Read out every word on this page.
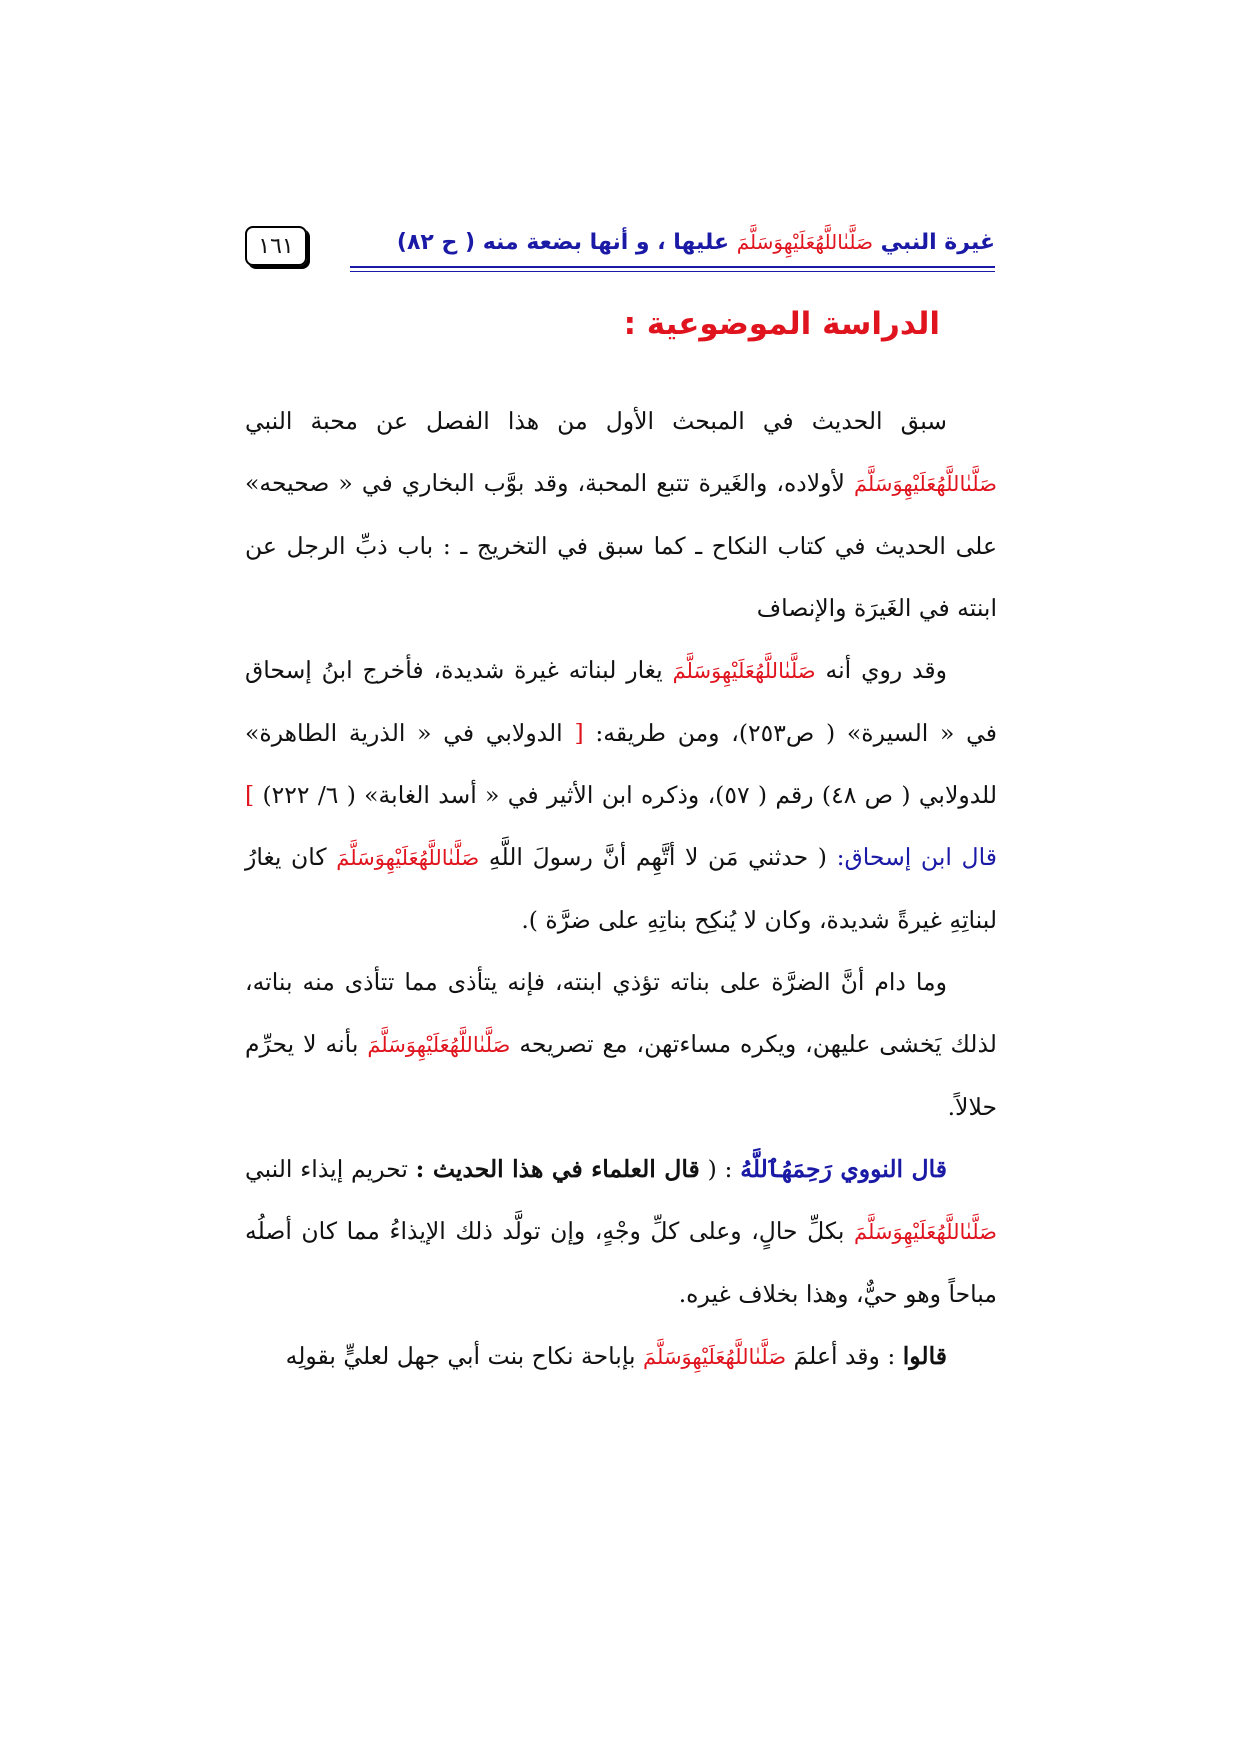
غيرة النبي صَلَّىٰاللَّهُعَلَيْهِوَسَلَّمَ عليها ، و أنها بضعة منه ( ح ٨٢)
١٦١
الدراسة الموضوعية :

سبق الحديث في المبحث الأول من هذا الفصل عن محبة النبي صَلَّىٰاللَّهُعَلَيْهِوَسَلَّمَ لأولاده، والغَيرة تتبع المحبة، وقد بوَّب البخاري في « صحيحه» على الحديث في كتاب النكاح ـ كما سبق في التخريج ـ : باب ذبِّ الرجل عن ابنته في الغَيرَة والإنصاف

وقد روي أنه صَلَّىٰاللَّهُعَلَيْهِوَسَلَّمَ يغار لبناته غيرة شديدة، فأخرج ابنُ إسحاق في « السيرة» ( ص٢٥٣)، ومن طريقه: [ الدولابي في « الذرية الطاهرة» للدولابي ( ص ٤٨) رقم ( ٥٧)، وذكره ابن الأثير في « أسد الغابة» ( ٦/ ٢٢٢) ] قال ابن إسحاق: ( حدثني مَن لا أتَّهِم أنَّ رسولَ اللَّهِ صَلَّىٰاللَّهُعَلَيْهِوَسَلَّمَ كان يغارُ لبناتِهِ غيرةً شديدة، وكان لا يُنكِح بناتِهِ على ضرَّة ).

وما دام أنَّ الضرَّة على بناته تؤذي ابنته، فإنه يتأذى مما تتأذى منه بناته، لذلك يَخشى عليهن، ويكره مساءتهن، مع تصريحه صَلَّىٰاللَّهُعَلَيْهِوَسَلَّمَ بأنه لا يحرِّم حلالاً.

قال النووي رَحِمَهُٱللَّهُ : ( قال العلماء في هذا الحديث : تحريم إيذاء النبي صَلَّىٰاللَّهُعَلَيْهِوَسَلَّمَ بكلِّ حالٍ، وعلى كلِّ وجْهٍ، وإن تولَّد ذلك الإيذاءُ مما كان أصلُه مباحاً وهو حيٌّ، وهذا بخلاف غيره.

قالوا : وقد أعلمَ صَلَّىٰاللَّهُعَلَيْهِوَسَلَّمَ بإباحة نكاح بنت أبي جهل لعليٍّ بقولِه
